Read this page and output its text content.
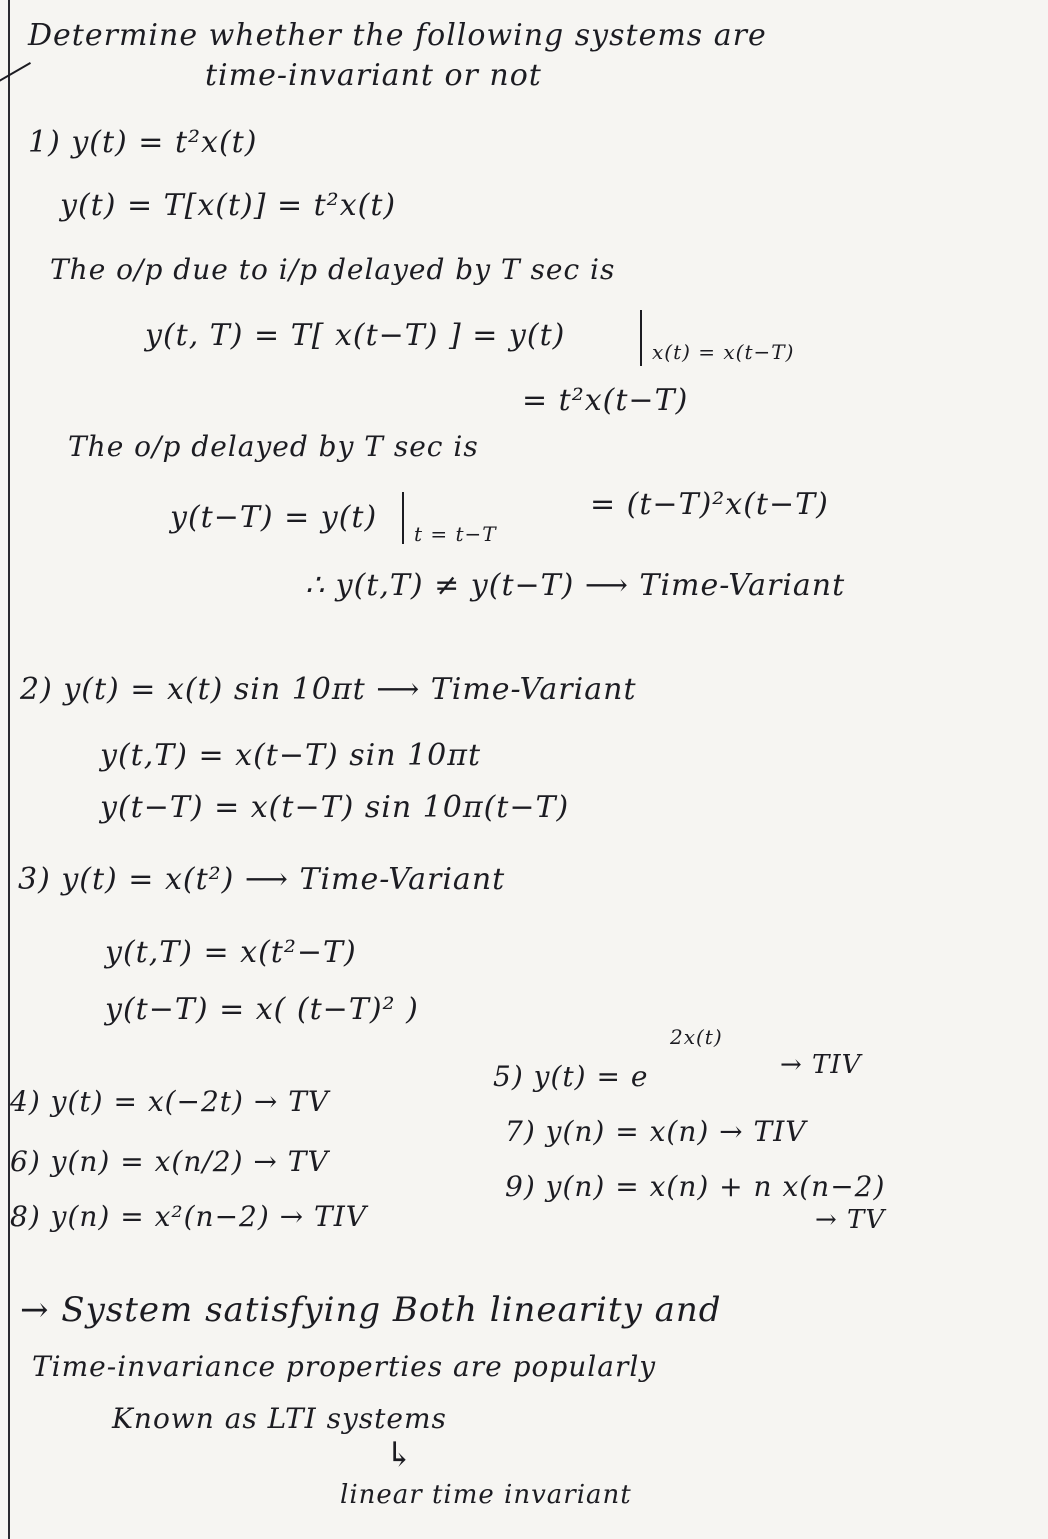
Determine whether the following systems are
time-invariant or not
1) y(t) = t²x(t)
y(t) = T[x(t)] = t²x(t)
The o/p due to i/p delayed by T sec is
y(t, T) = T[ x(t−T) ] = y(t)	x(t) = x(t−T)
= t²x(t−T)
The o/p delayed by T sec is
y(t−T) = y(t) t = t−T
= (t−T)²x(t−T)
∴ y(t,T) ≠ y(t−T) ⟶ Time-Variant
2) y(t) = x(t) sin 10πt ⟶ Time-Variant
y(t,T) = x(t−T) sin 10πt
y(t−T) = x(t−T) sin 10π(t−T)
3) y(t) = x(t²) ⟶ Time-Variant
y(t,T) = x(t²−T)
y(t−T) = x( (t−T)² )
4) y(t) = x(−2t) → TV
5) y(t) = e
2x(t)
→ TIV
6) y(n) = x(n/2) → TV
7) y(n) = x(n) → TIV
8) y(n) = x²(n−2) → TIV
9) y(n) = x(n) + n x(n−2)
→ TV
→ System satisfying Both linearity and
Time-invariance properties are popularly
Known as LTI systems
↳
linear time invariant
